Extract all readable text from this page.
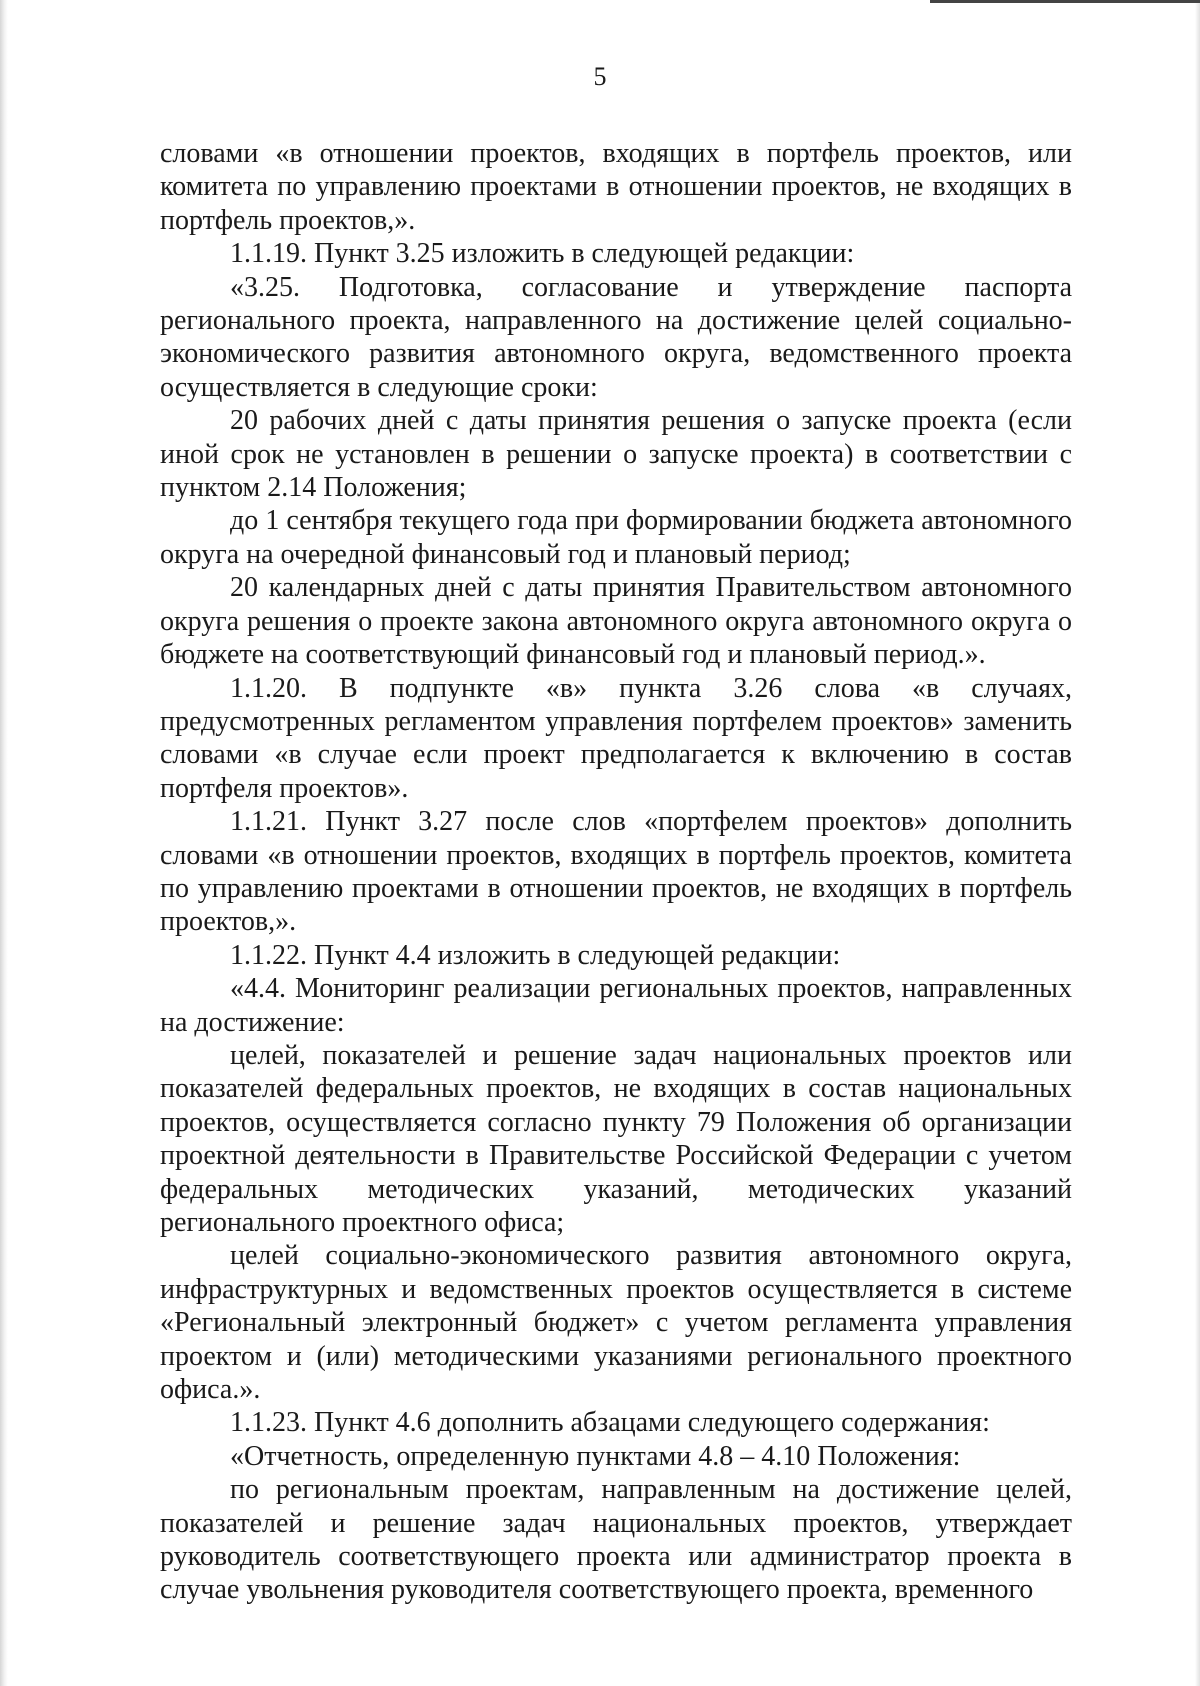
5

словами «в отношении проектов, входящих в портфель проектов, или комитета по управлению проектами в отношении проектов, не входящих в портфель проектов,».

1.1.19. Пункт 3.25 изложить в следующей редакции:

«3.25. Подготовка, согласование и утверждение паспорта регионального проекта, направленного на достижение целей социально-экономического развития автономного округа, ведомственного проекта осуществляется в следующие сроки:

20 рабочих дней с даты принятия решения о запуске проекта (если иной срок не установлен в решении о запуске проекта) в соответствии с пунктом 2.14 Положения;

до 1 сентября текущего года при формировании бюджета автономного округа на очередной финансовый год и плановый период;

20 календарных дней с даты принятия Правительством автономного округа решения о проекте закона автономного округа автономного округа о бюджете на соответствующий финансовый год и плановый период.».

1.1.20. В подпункте «в» пункта 3.26 слова «в случаях, предусмотренных регламентом управления портфелем проектов» заменить словами «в случае если проект предполагается к включению в состав портфеля проектов».

1.1.21. Пункт 3.27 после слов «портфелем проектов» дополнить словами «в отношении проектов, входящих в портфель проектов, комитета по управлению проектами в отношении проектов, не входящих в портфель проектов,».

1.1.22. Пункт 4.4 изложить в следующей редакции:

«4.4. Мониторинг реализации региональных проектов, направленных на достижение:

целей, показателей и решение задач национальных проектов или показателей федеральных проектов, не входящих в состав национальных проектов, осуществляется согласно пункту 79 Положения об организации проектной деятельности в Правительстве Российской Федерации с учетом федеральных методических указаний, методических указаний регионального проектного офиса;

целей социально-экономического развития автономного округа, инфраструктурных и ведомственных проектов осуществляется в системе «Региональный электронный бюджет» с учетом регламента управления проектом и (или) методическими указаниями регионального проектного офиса.».

1.1.23. Пункт 4.6 дополнить абзацами следующего содержания:

«Отчетность, определенную пунктами 4.8 – 4.10 Положения:

по региональным проектам, направленным на достижение целей, показателей и решение задач национальных проектов, утверждает руководитель соответствующего проекта или администратор проекта в случае увольнения руководителя соответствующего проекта, временного
